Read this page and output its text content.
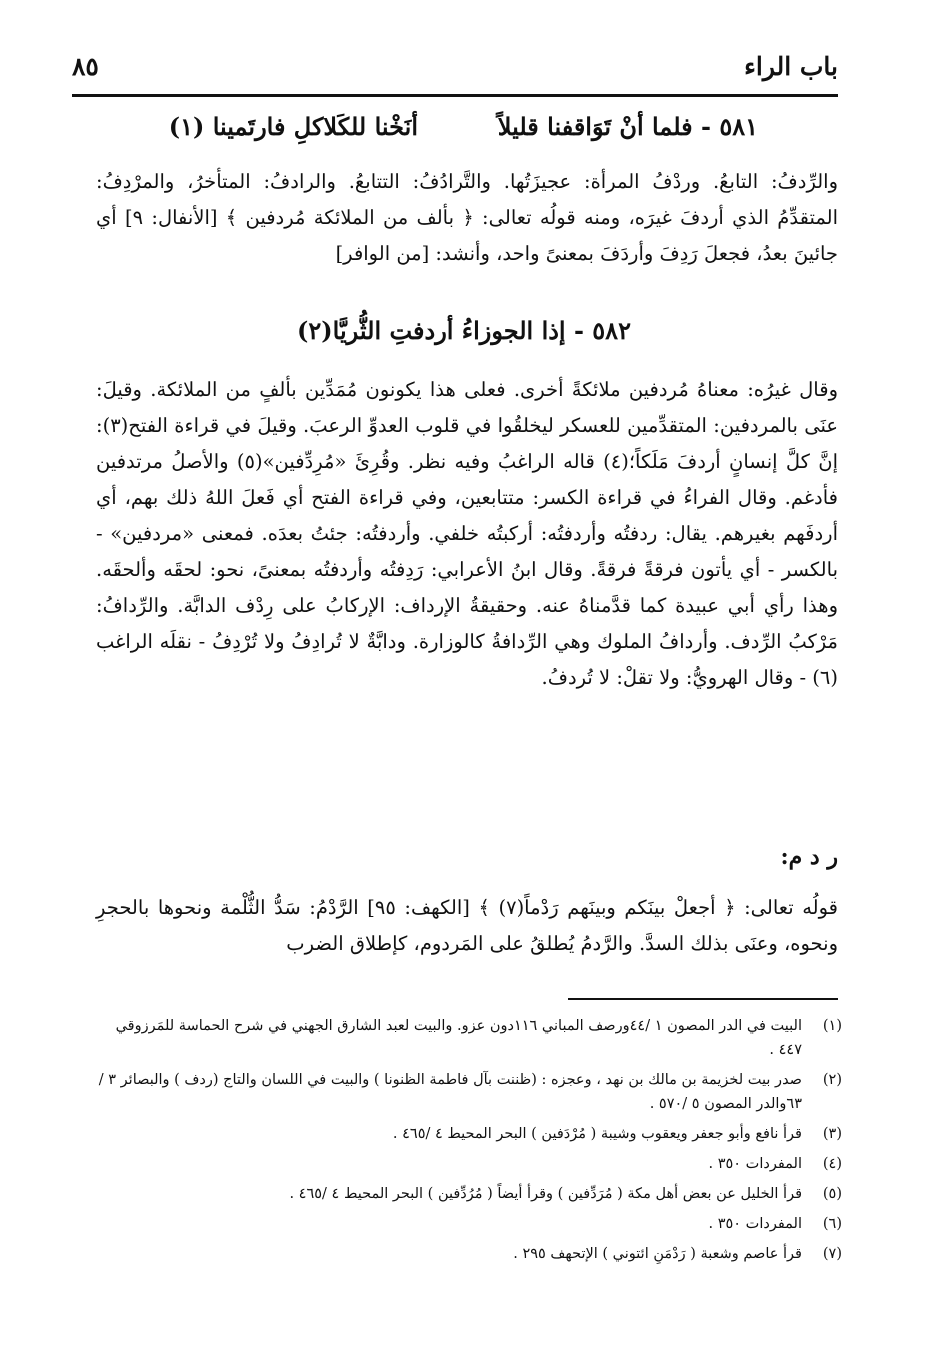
باب الراء
٨٥
٥٨١ - فلما أنْ تَوَاقفنا قليلاً
أنَخْنا للكَلاكلِ فارتَمينا (١)

والرِّدفُ: التابعُ. وردْفُ المرأة: عجيزَتُها. والتَّرادُفُ: التتابعُ. والرادفُ: المتأخرُ، والمرْدِفُ: المتقدِّمُ الذي أردفَ غيرَه، ومنه قولُه تعالى: ﴿ بألف من الملائكة مُردفين ﴾ [الأنفال: ٩] أي جائينَ بعدُ، فجعلَ رَدِفَ وأردَفَ بمعنىً واحد، وأنشد: [من الوافر]

٥٨٢ - إذا الجوزاءُ أردفتِ الثُّريَّا(٢)

وقال غيرُه: معناهُ مُردفين ملائكةً أخرى. فعلى هذا يكونون مُمَدِّين بألفٍ من الملائكة. وقيلَ: عنَى بالمردفين: المتقدِّمين للعسكر ليخلقُوا في قلوب العدوِّ الرعبَ. وقيلَ في قراءة الفتح(٣): إنَّ كلَّ إنسانٍ أردفَ مَلَكاً؛(٤) قاله الراغبُ وفيه نظر. وقُرِئَ «مُرِدِّفين»(٥) والأصلُ مرتدفين فأدغم. وقال الفراءُ في قراءة الكسر: متتابعين، وفي قراءة الفتح أي فَعلَ اللهُ ذلك بهم، أي أردفَهم بغيرهم. يقال: ردفتُه وأردفتُه: أركبتُه خلفي. وأردفتُه: جئتُ بعدَه. فمعنى «مردفين» - بالكسر - أي يأتون فرقةً فرقةً. وقال ابنُ الأعرابي: رَدِفتُه وأردفتُه بمعنىً، نحو: لحقَه وألحقَه. وهذا رأي أبي عبيدة كما قدَّمناهُ عنه. وحقيقةُ الإرداف: الإركابُ على رِدْف الدابَّة. والرِّدافُ: مَرْكبُ الرِّدف. وأردافُ الملوك وهي الرِّدافةُ كالوزارة. ودابَّةٌ لا تُرادِفُ ولا تُرْدِفُ - نقلَه الراغب (٦) - وقال الهرويُّ: ولا تقلْ: لا تُردفُ.

ر د م:

قولُه تعالى: ﴿ أجعلْ بينَكم وبينَهم رَدْماً(٧) ﴾ [الكهف: ٩٥] الرَّدْمُ: سَدُّ الثُّلْمة ونحوها بالحجرِ ونحوه، وعنَى بذلك السدَّ. والرَّدمُ يُطلقُ على المَردوم، كإطلاق الضرب

(١)
البيت في الدر المصون ١ /٤٤ورصف المباني ١١٦دون عزو. والبيت لعبد الشارق الجهني في شرح الحماسة للمَرزوقي ٤٤٧ .
(٢)
صدر بيت لخزيمة بن مالك بن نهد ، وعجزه : (ظننت بآل فاطمة الظنونا ) والبيت في اللسان والتاج (ردف ) والبصائر ٣ /٦٣والدر المصون ٥ /٥٧٠ .
(٣)
قرأ نافع وأبو جعفر ويعقوب وشيبة ( مُرْدَفين ) البحر المحيط ٤ /٤٦٥ .
(٤)
المفردات ٣٥٠ .
(٥)
قرأ الخليل عن بعض أهل مكة ( مُرَدِّفين ) وقرأ أيضاً ( مُرُدِّفين ) البحر المحيط ٤ /٤٦٥ .
(٦)
المفردات ٣٥٠ .
(٧)
قرأ عاصم وشعبة ( رَدْمَنِ ائتوني ) الإتحهف ٢٩٥ .
